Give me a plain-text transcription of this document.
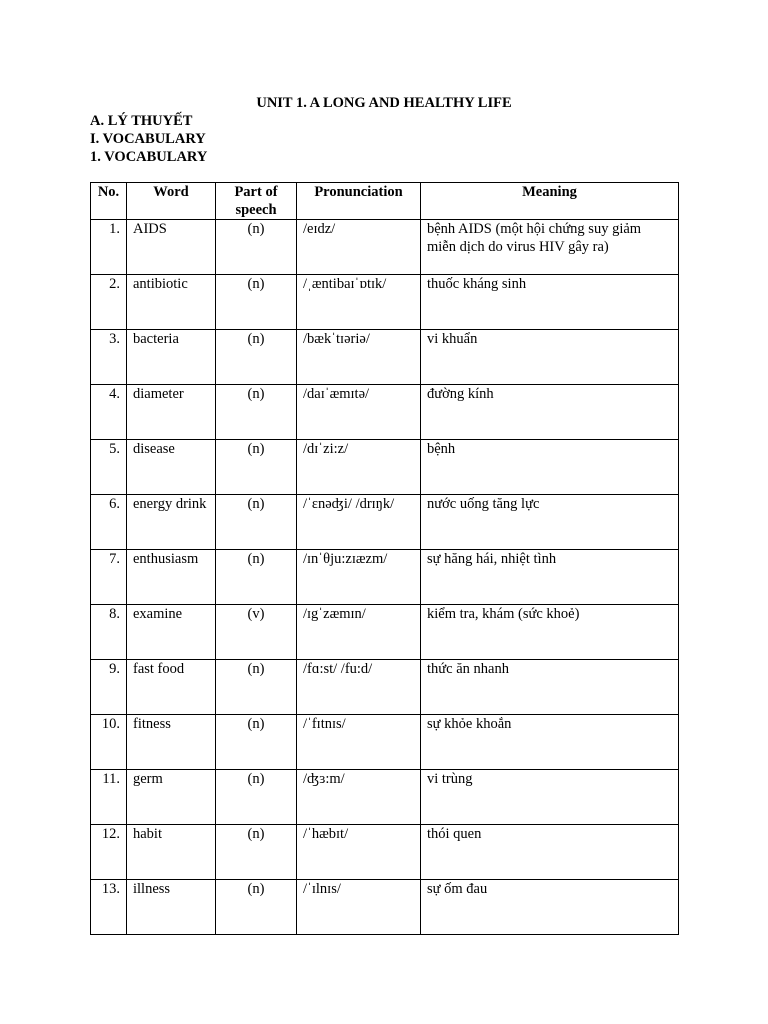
UNIT 1. A LONG AND HEALTHY LIFE
A. LÝ THUYẾT
I. VOCABULARY
1. VOCABULARY
No.	Word	Part of speech	Pronunciation	Meaning
1.	AIDS	(n)	/eɪdz/	bệnh AIDS (một hội chứng suy giảm miễn dịch do virus HIV gây ra)
2.	antibiotic	(n)	/ˌæntibaɪˈɒtɪk/	thuốc kháng sinh
3.	bacteria	(n)	/bækˈtɪəriə/	vi khuẩn
4.	diameter	(n)	/daɪˈæmɪtə/	đường kính
5.	disease	(n)	/dɪˈzi:z/	bệnh
6.	energy drink	(n)	/ˈɛnəʤi/ /drɪŋk/	nước uống tăng lực
7.	enthusiasm	(n)	/ɪnˈθju:zɪæzm/	sự hăng hái, nhiệt tình
8.	examine	(v)	/ɪgˈzæmɪn/	kiểm tra, khám (sức khoẻ)
9.	fast food	(n)	/fɑ:st/ /fu:d/	thức ăn nhanh
10.	fitness	(n)	/ˈfɪtnɪs/	sự khỏe khoắn
11.	germ	(n)	/ʤɜ:m/	vi trùng
12.	habit	(n)	/ˈhæbɪt/	thói quen
13.	illness	(n)	/ˈɪlnɪs/	sự ốm đau
